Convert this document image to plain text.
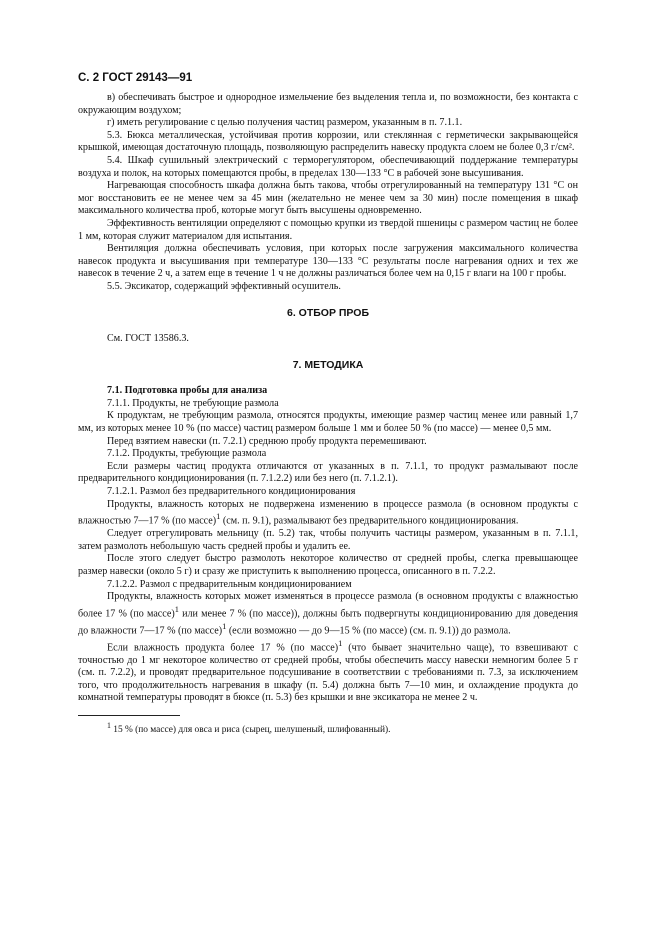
С. 2 ГОСТ 29143—91

в) обеспечивать быстрое и однородное измельчение без выделения тепла и, по возможности, без контакта с окружающим воздухом;

г) иметь регулирование с целью получения частиц размером, указанным в п. 7.1.1.

5.3. Бюкса металлическая, устойчивая против коррозии, или стеклянная с герметически закрывающейся крышкой, имеющая достаточную площадь, позволяющую распределить навеску продукта слоем не более 0,3 г/см².

5.4. Шкаф сушильный электрический с терморегулятором, обеспечивающий поддержание температуры воздуха и полок, на которых помещаются пробы, в пределах 130—133 °С в рабочей зоне высушивания.

Нагревающая способность шкафа должна быть такова, чтобы отрегулированный на температуру 131 °С он мог восстановить ее не менее чем за 45 мин (желательно не менее чем за 30 мин) после помещения в шкаф максимального количества проб, которые могут быть высушены одновременно.

Эффективность вентиляции определяют с помощью крупки из твердой пшеницы с размером частиц не более 1 мм, которая служит материалом для испытания.

Вентиляция должна обеспечивать условия, при которых после загружения максимального количества навесок продукта и высушивания при температуре 130—133 °С результаты после нагревания одних и тех же навесок в течение 2 ч, а затем еще в течение 1 ч не должны различаться более чем на 0,15 г влаги на 100 г пробы.

5.5. Эксикатор, содержащий эффективный осушитель.

6. ОТБОР ПРОБ

См. ГОСТ 13586.3.

7. МЕТОДИКА

7.1. Подготовка пробы для анализа

7.1.1. Продукты, не требующие размола

К продуктам, не требующим размола, относятся продукты, имеющие размер частиц менее или равный 1,7 мм, из которых менее 10 % (по массе) частиц размером больше 1 мм и более 50 % (по массе) — менее 0,5 мм.

Перед взятием навески (п. 7.2.1) среднюю пробу продукта перемешивают.

7.1.2. Продукты, требующие размола

Если размеры частиц продукта отличаются от указанных в п. 7.1.1, то продукт размалывают после предварительного кондиционирования (п. 7.1.2.2) или без него (п. 7.1.2.1).

7.1.2.1. Размол без предварительного кондиционирования

Продукты, влажность которых не подвержена изменению в процессе размола (в основном продукты с влажностью 7—17 % (по массе)$^1$ (см. п. 9.1), размалывают без предварительного кондиционирования.

Следует отрегулировать мельницу (п. 5.2) так, чтобы получить частицы размером, указанным в п. 7.1.1, затем размолоть небольшую часть средней пробы и удалить ее.

После этого следует быстро размолоть некоторое количество от средней пробы, слегка превышающее размер навески (около 5 г) и сразу же приступить к выполнению процесса, описанного в п. 7.2.2.

7.1.2.2. Размол с предварительным кондиционированием

Продукты, влажность которых может изменяться в процессе размола (в основном продукты с влажностью более 17 % (по массе)$^1$ или менее 7 % (по массе)), должны быть подвергнуты кондиционированию для доведения до влажности 7—17 % (по массе)$^1$ (если возможно — до 9—15 % (по массе) (см. п. 9.1)) до размола.

Если влажность продукта более 17 % (по массе)$^1$ (что бывает значительно чаще), то взвешивают с точностью до 1 мг некоторое количество от средней пробы, чтобы обеспечить массу навески немногим более 5 г (см. п. 7.2.2), и проводят предварительное подсушивание в соответствии с требованиями п. 7.3, за исключением того, что продолжительность нагревания в шкафу (п. 5.4) должна быть 7—10 мин, и охлаждение продукта до комнатной температуры проводят в бюксе (п. 5.3) без крышки и вне эксикатора не менее 2 ч.

$^1$ 15 % (по массе) для овса и риса (сырец, шелушеный, шлифованный).
